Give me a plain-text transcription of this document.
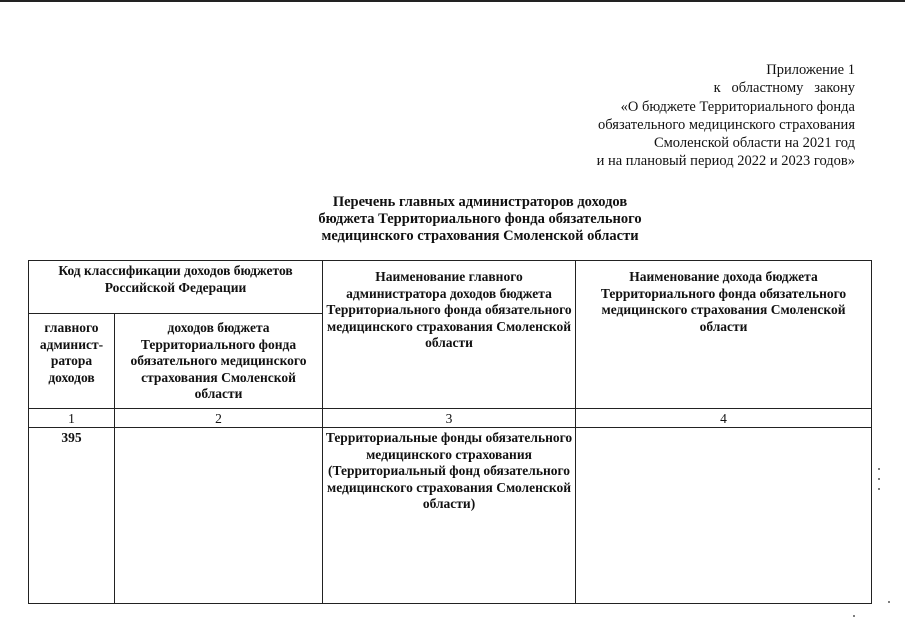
Приложение 1
к   областному   закону
«О бюджете Территориального фонда
обязательного медицинского страхования
Смоленской области на 2021 год
и на плановый период 2022 и 2023 годов»
Перечень главных администраторов доходов
бюджета Территориального фонда обязательного
медицинского страхования Смоленской области
Код классификации доходов бюджетов Российской Федерации		Наименование главного администратора доходов бюджета Территориального фонда обязательного медицинского страхования Смоленской области	Наименование дохода бюджета Территориального фонда обязательного медицинского страхования Смоленской области
главного админист-ратора доходов	доходов бюджета Территориального фонда обязательного медицинского страхования Смоленской области		
1	2	3	4
395		Территориальные фонды обязательного медицинского страхования (Территориальный фонд обязательного медицинского страхования Смоленской области)	
